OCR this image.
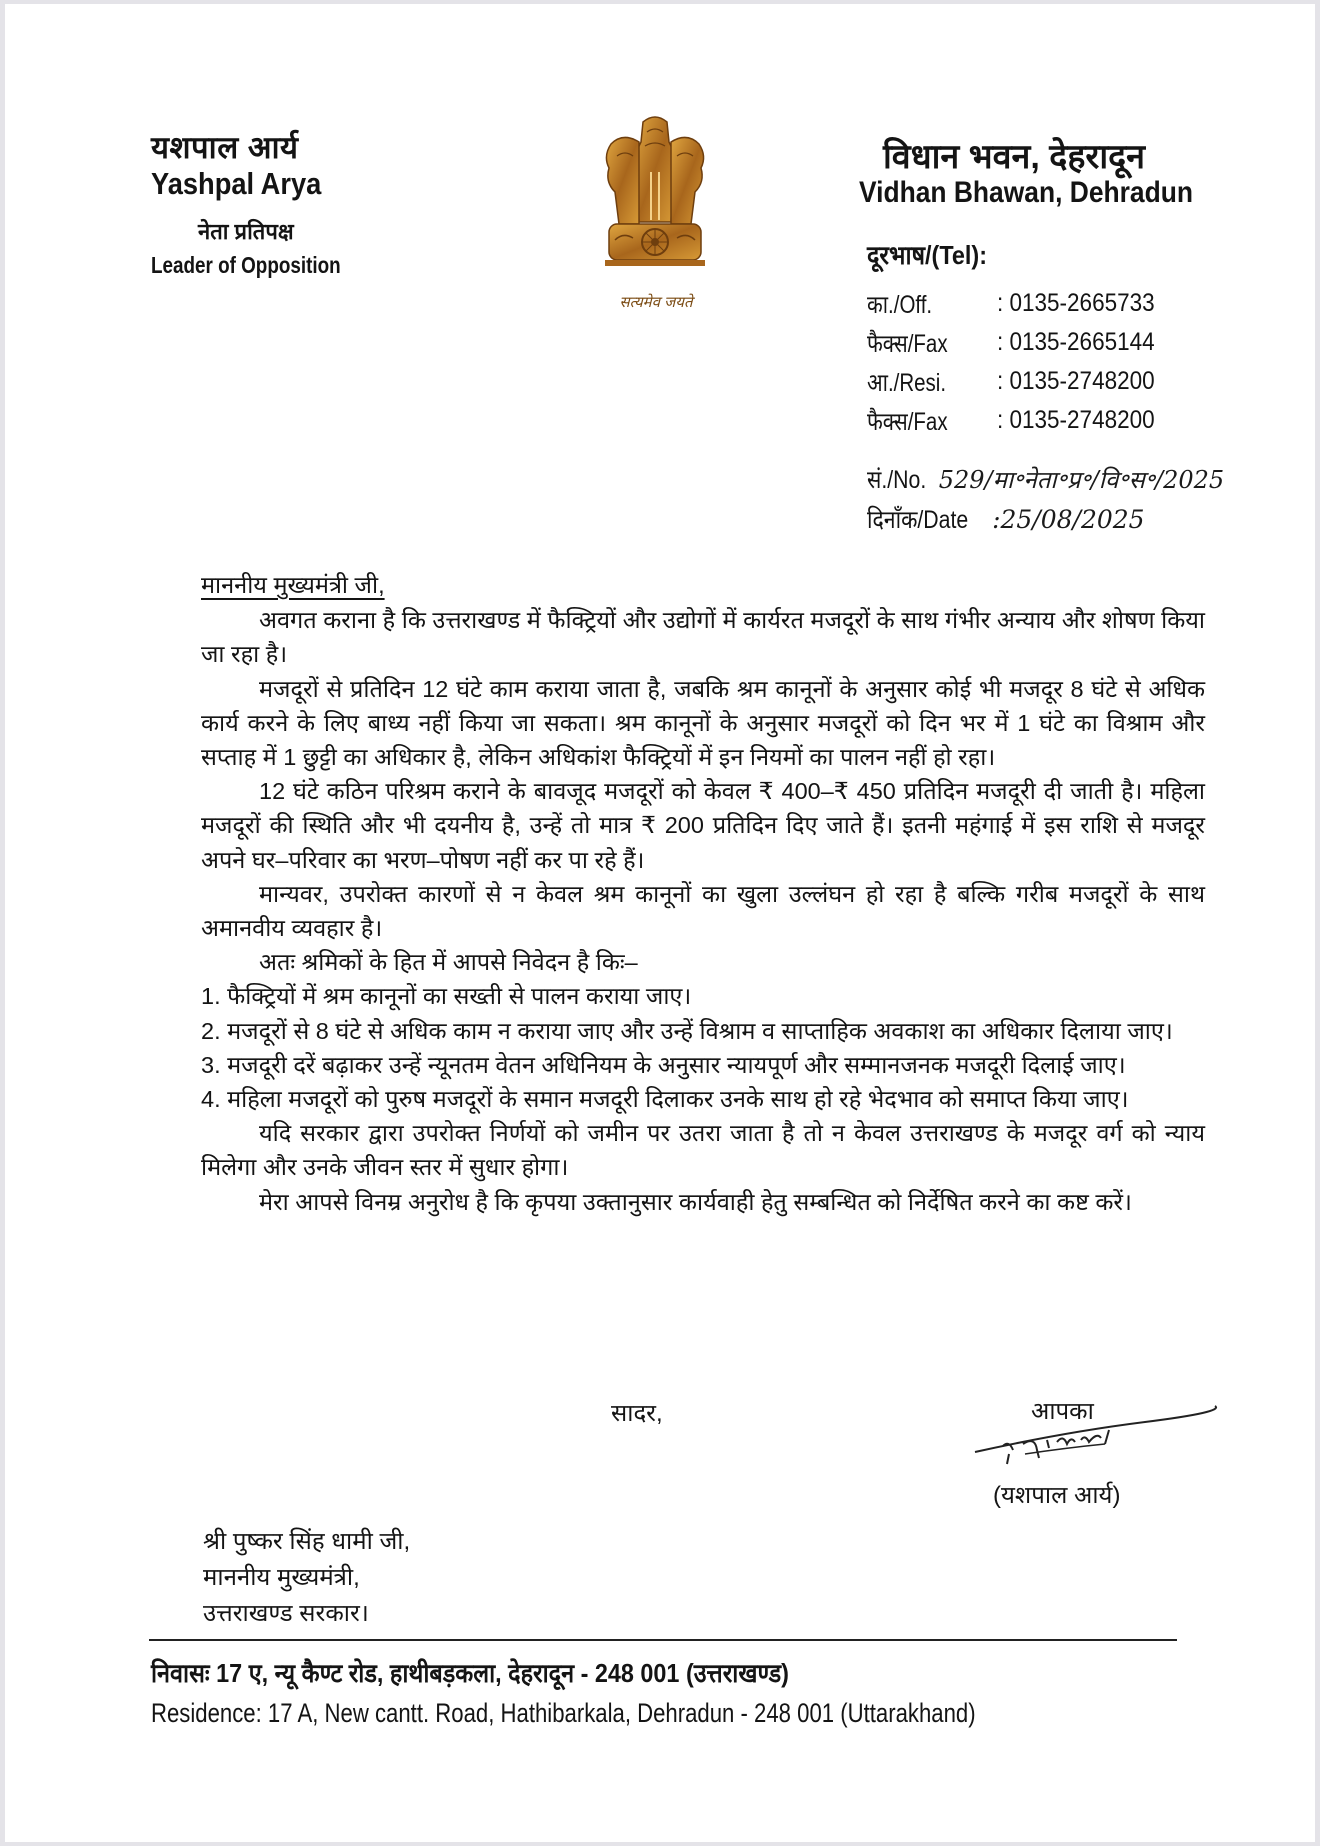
यशपाल आर्य
Yashpal Arya
नेता प्रतिपक्ष
Leader of Opposition
सत्यमेव जयते
विधान भवन, देहरादून
Vidhan Bhawan, Dehradun
दूरभाष/(Tel):
का./Off.	: 0135-2665733
फैक्स/Fax	: 0135-2665144
आ./Resi.	: 0135-2748200
फैक्स/Fax	: 0135-2748200
सं./No. 529/मा॰नेता॰प्र॰/वि॰स॰/2025
दिनाँक/Date :25/08/2025
माननीय मुख्यमंत्री जी,
अवगत कराना है कि उत्तराखण्ड में फैक्ट्रियों और उद्योगों में कार्यरत मजदूरों के साथ गंभीर अन्याय और शोषण किया जा रहा है।
मजदूरों से प्रतिदिन 12 घंटे काम कराया जाता है, जबकि श्रम कानूनों के अनुसार कोई भी मजदूर 8 घंटे से अधिक कार्य करने के लिए बाध्य नहीं किया जा सकता। श्रम कानूनों के अनुसार मजदूरों को दिन भर में 1 घंटे का विश्राम और सप्ताह में 1 छुट्टी का अधिकार है, लेकिन अधिकांश फैक्ट्रियों में इन नियमों का पालन नहीं हो रहा।
12 घंटे कठिन परिश्रम कराने के बावजूद मजदूरों को केवल ₹ 400–₹ 450 प्रतिदिन मजदूरी दी जाती है। महिला मजदूरों की स्थिति और भी दयनीय है, उन्हें तो मात्र ₹ 200 प्रतिदिन दिए जाते हैं। इतनी महंगाई में इस राशि से मजदूर अपने घर–परिवार का भरण–पोषण नहीं कर पा रहे हैं।
मान्यवर, उपरोक्त कारणों से न केवल श्रम कानूनों का खुला उल्लंघन हो रहा है बल्कि गरीब मजदूरों के साथ अमानवीय व्यवहार है।
अतः श्रमिकों के हित में आपसे निवेदन है किः–
1. फैक्ट्रियों में श्रम कानूनों का सख्ती से पालन कराया जाए।
2. मजदूरों से 8 घंटे से अधिक काम न कराया जाए और उन्हें विश्राम व साप्ताहिक अवकाश का अधिकार दिलाया जाए।
3. मजदूरी दरें बढ़ाकर उन्हें न्यूनतम वेतन अधिनियम के अनुसार न्यायपूर्ण और सम्मानजनक मजदूरी दिलाई जाए।
4. महिला मजदूरों को पुरुष मजदूरों के समान मजदूरी दिलाकर उनके साथ हो रहे भेदभाव को समाप्त किया जाए।
यदि सरकार द्वारा उपरोक्त निर्णयों को जमीन पर उतरा जाता है तो न केवल उत्तराखण्ड के मजदूर वर्ग को न्याय मिलेगा और उनके जीवन स्तर में सुधार होगा।
मेरा आपसे विनम्र अनुरोध है कि कृपया उक्तानुसार कार्यवाही हेतु सम्बन्धित को निर्देषित करने का कष्ट करें।
सादर,	आपका
(यशपाल आर्य)
श्री पुष्कर सिंह धामी जी,
माननीय मुख्यमंत्री,
उत्तराखण्ड सरकार।
निवासः 17 ए, न्यू कैण्ट रोड, हाथीबड़कला, देहरादून - 248 001 (उत्तराखण्ड)
Residence: 17 A, New cantt. Road, Hathibarkala, Dehradun - 248 001 (Uttarakhand)
